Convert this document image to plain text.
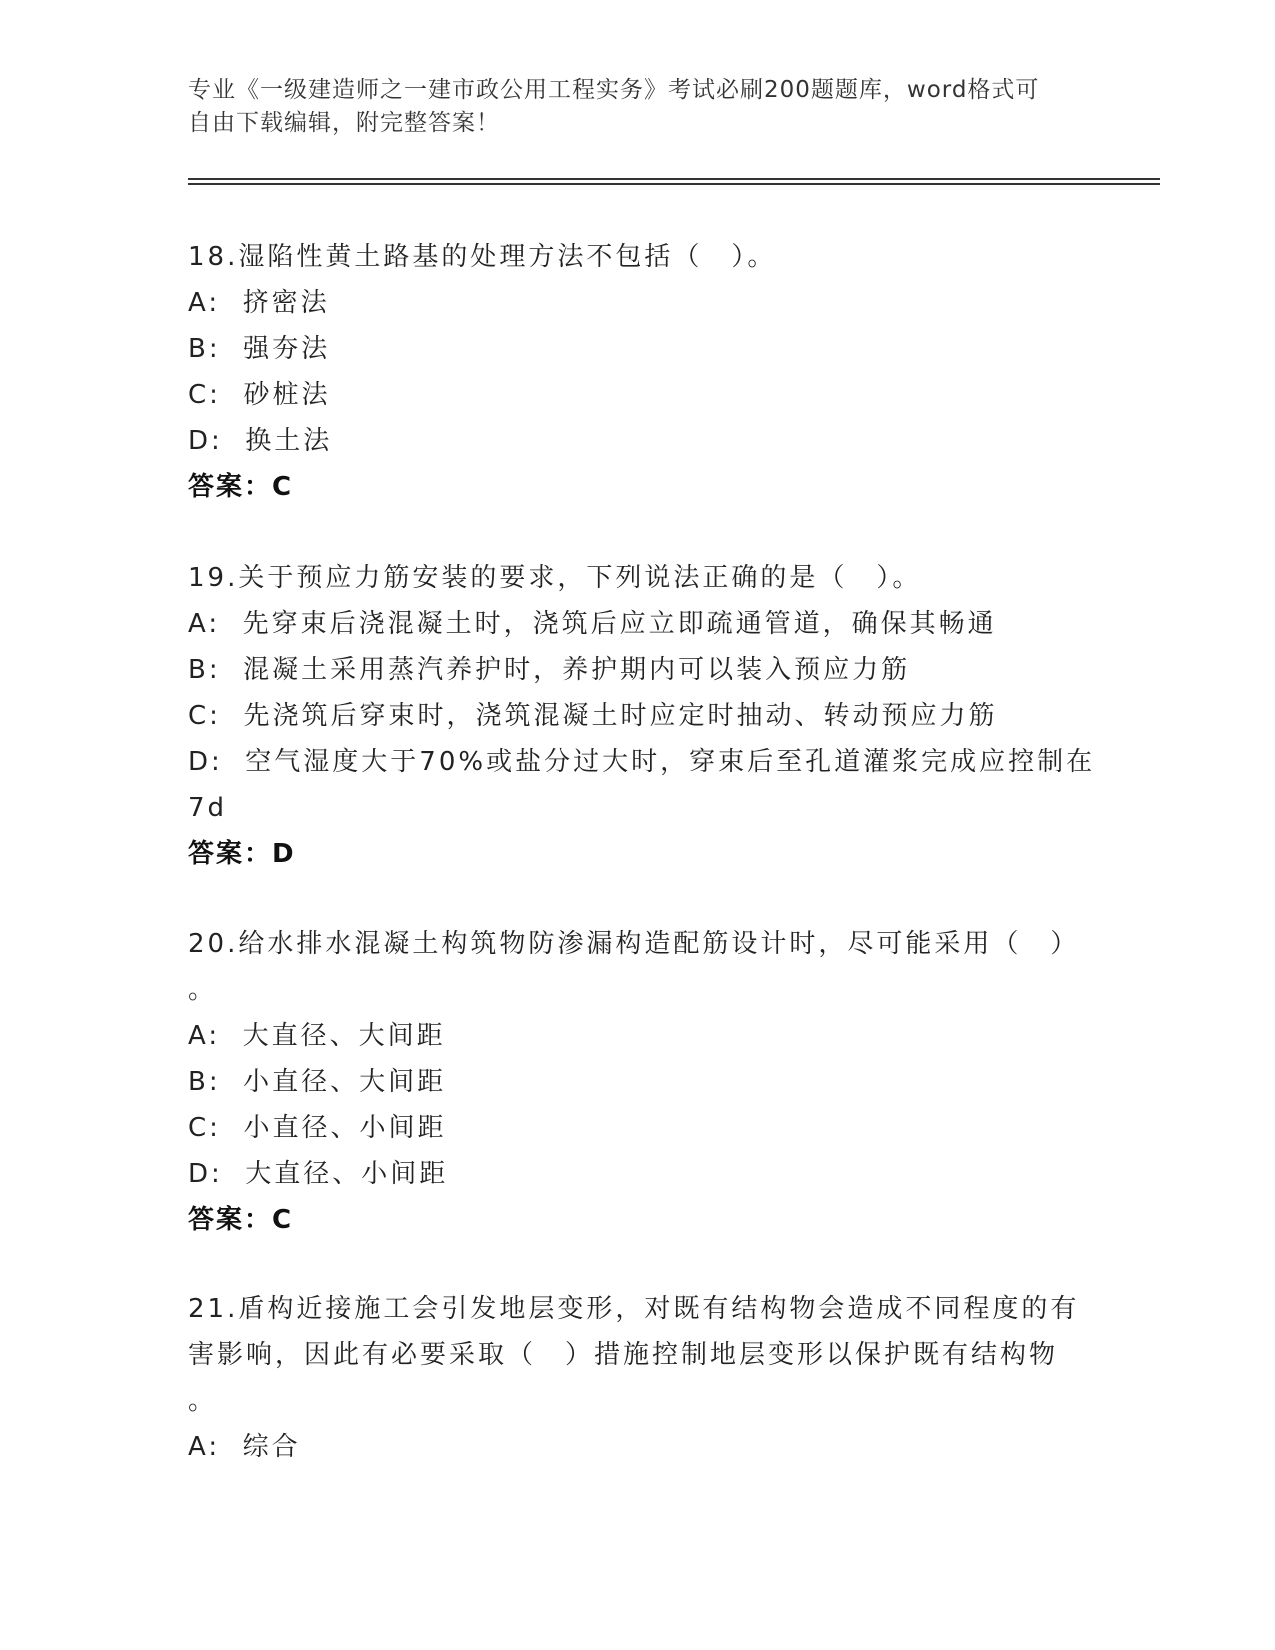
专业《一级建造师之一建市政公用工程实务》考试必刷200题题库，word格式可
自由下载编辑，附完整答案！
18.湿陷性黄土路基的处理方法不包括（　）。
A:  挤密法
B:  强夯法
C:  砂桩法
D:  换土法
答案：C
19.关于预应力筋安装的要求，下列说法正确的是（　）。
A:  先穿束后浇混凝土时，浇筑后应立即疏通管道，确保其畅通
B:  混凝土采用蒸汽养护时，养护期内可以装入预应力筋
C:  先浇筑后穿束时，浇筑混凝土时应定时抽动、转动预应力筋
D:  空气湿度大于70%或盐分过大时，穿束后至孔道灌浆完成应控制在
7d
答案：D
20.给水排水混凝土构筑物防渗漏构造配筋设计时，尽可能采用（　）
。
A:  大直径、大间距
B:  小直径、大间距
C:  小直径、小间距
D:  大直径、小间距
答案：C
21.盾构近接施工会引发地层变形，对既有结构物会造成不同程度的有
害影响，因此有必要采取（　）措施控制地层变形以保护既有结构物
。
A:  综合
